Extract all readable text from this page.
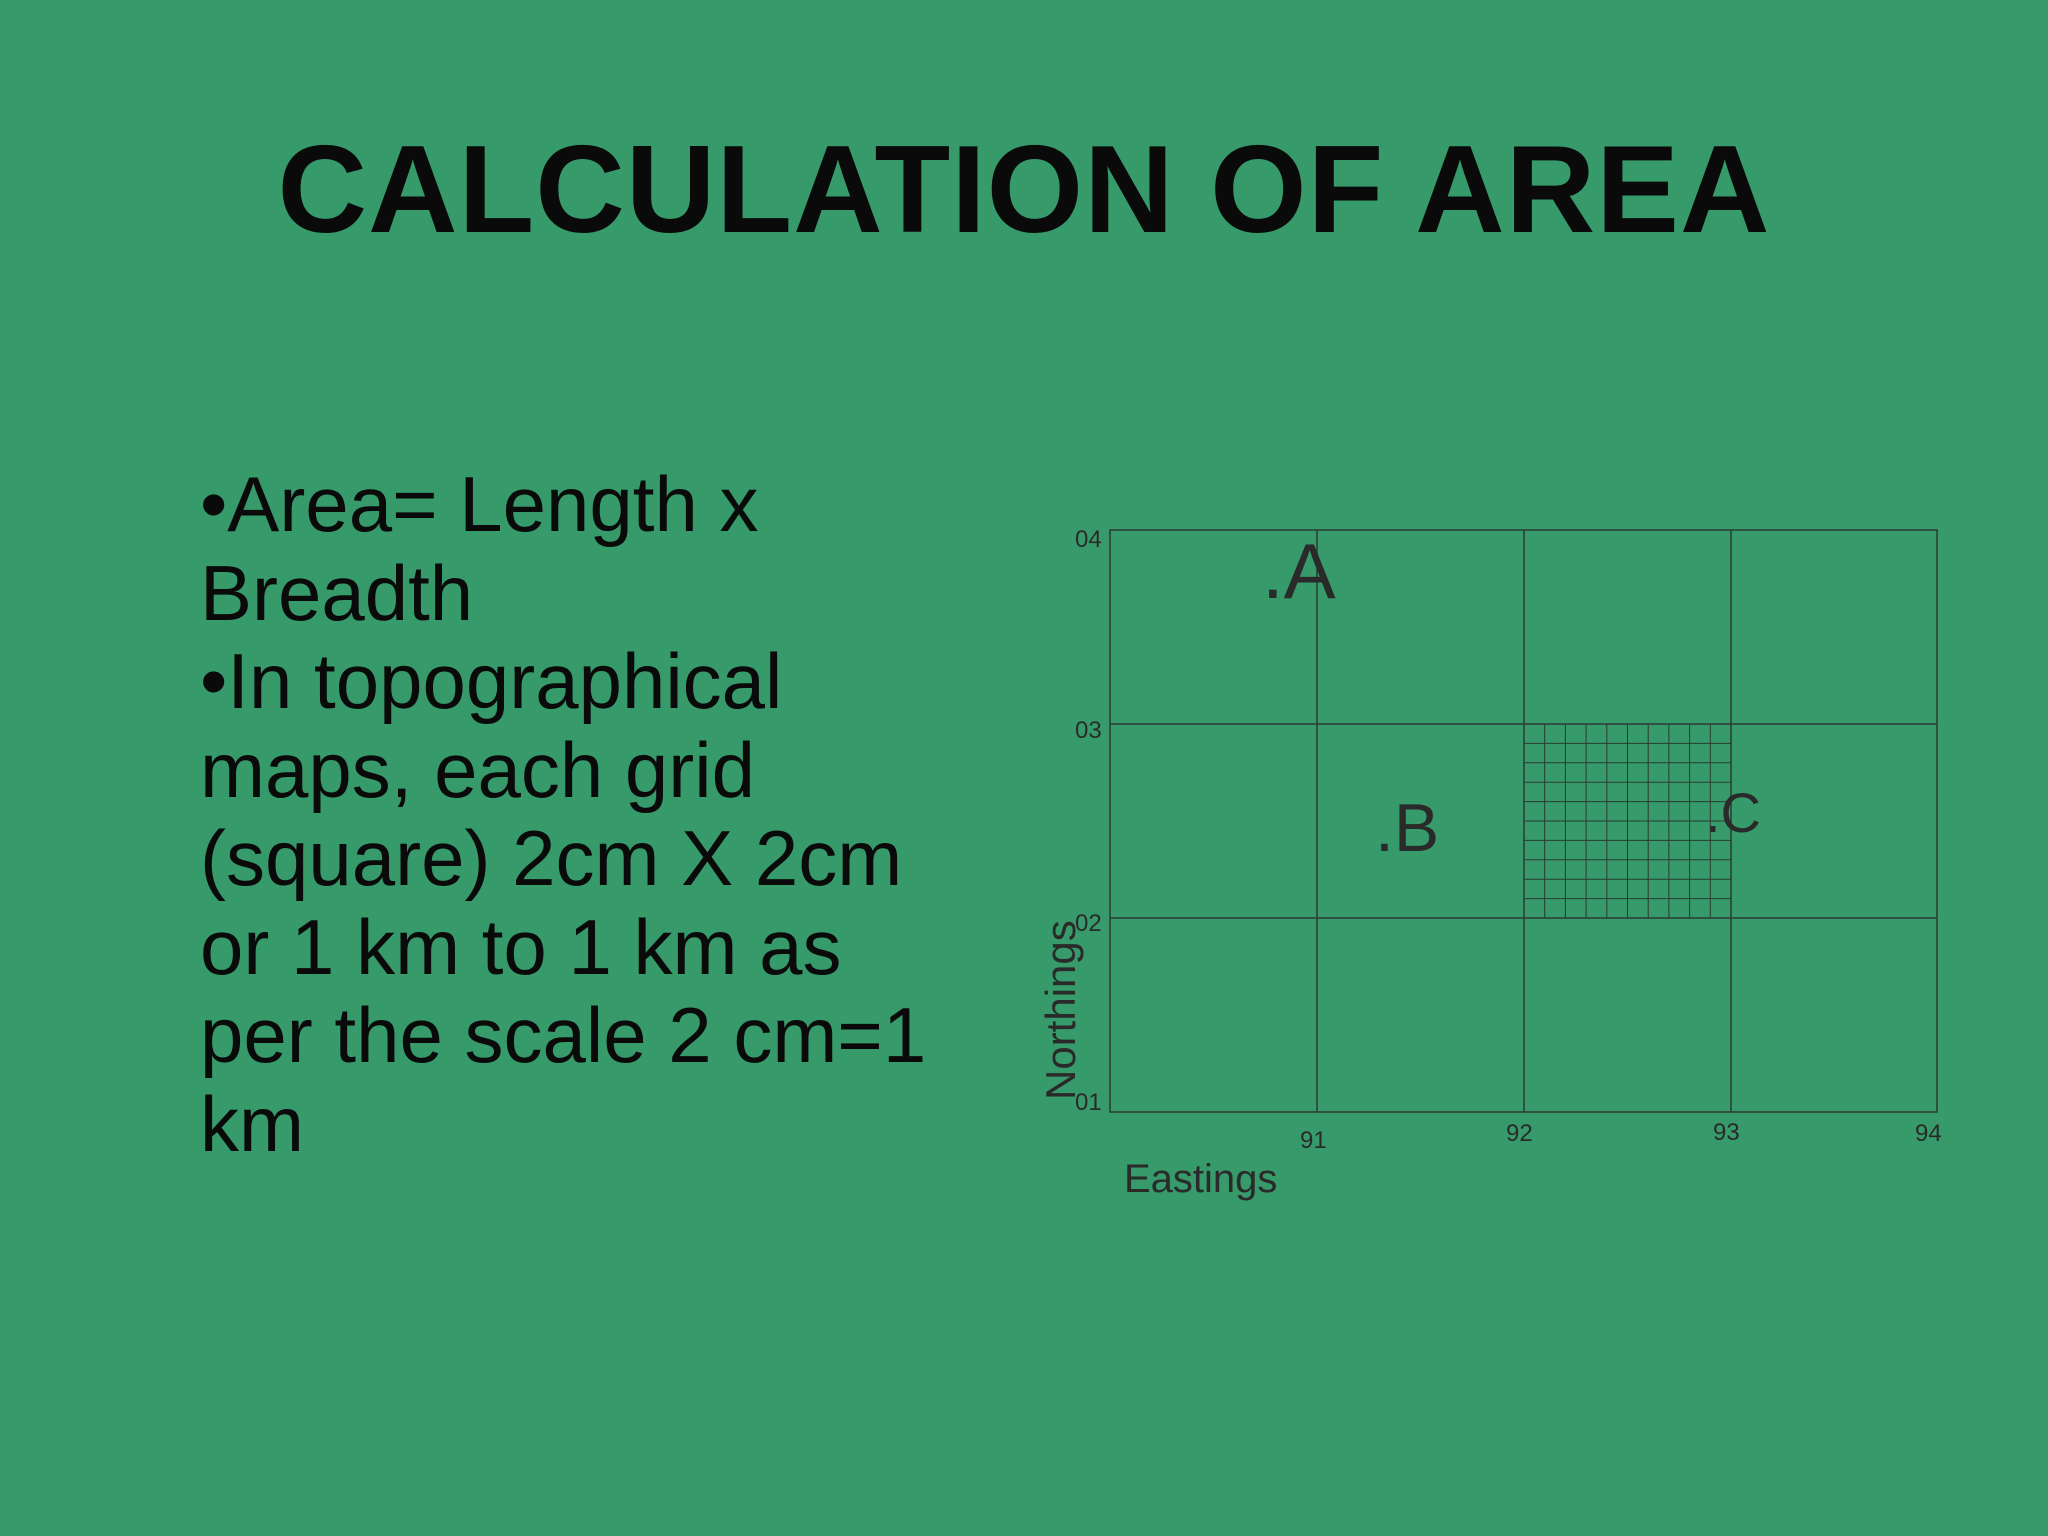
CALCULATION OF AREA
•Area= Length x Breadth
•In topographical maps, each grid (square) 2cm X 2cm or 1 km to 1 km as per the scale 2 cm=1 km
04
03
02
01
91	92	93	94
Eastings
Northings
.A
.B	.C
